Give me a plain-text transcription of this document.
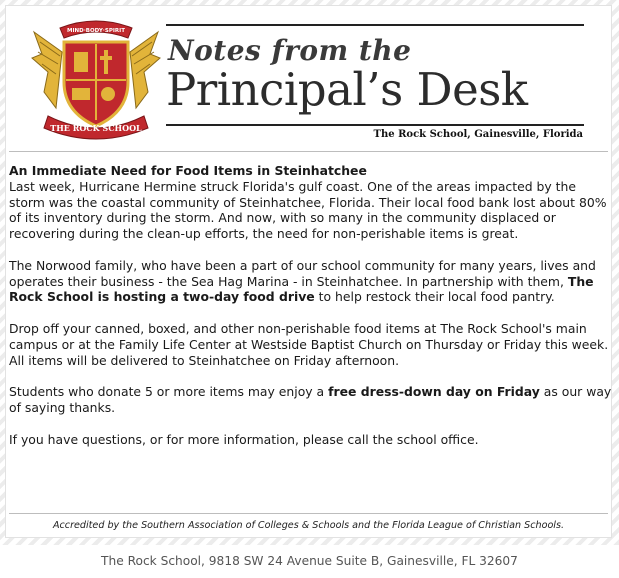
MIND·BODY·SPIRIT
THE ROCK SCHOOL
Notes from the
Principal’s Desk
The Rock School, Gainesville, Florida

An Immediate Need for Food Items in Steinhatchee
Last week, Hurricane Hermine struck Florida's gulf coast. One of the areas impacted by the storm was the coastal community of Steinhatchee, Florida. Their local food bank lost about 80% of its inventory during the storm. And now, with so many in the community displaced or recovering during the clean-up efforts, the need for non-perishable items is great.

The Norwood family, who have been a part of our school community for many years, lives and operates their business - the Sea Hag Marina - in Steinhatchee. In partnership with them, The Rock School is hosting a two-day food drive to help restock their local food pantry.

Drop off your canned, boxed, and other non-perishable food items at The Rock School's main campus or at the Family Life Center at Westside Baptist Church on Thursday or Friday this week. All items will be delivered to Steinhatchee on Friday afternoon.

Students who donate 5 or more items may enjoy a free dress-down day on Friday as our way of saying thanks.

If you have questions, or for more information, please call the school office.

Accredited by the Southern Association of Colleges & Schools and the Florida League of Christian Schools.
The Rock School, 9818 SW 24 Avenue Suite B, Gainesville, FL 32607
